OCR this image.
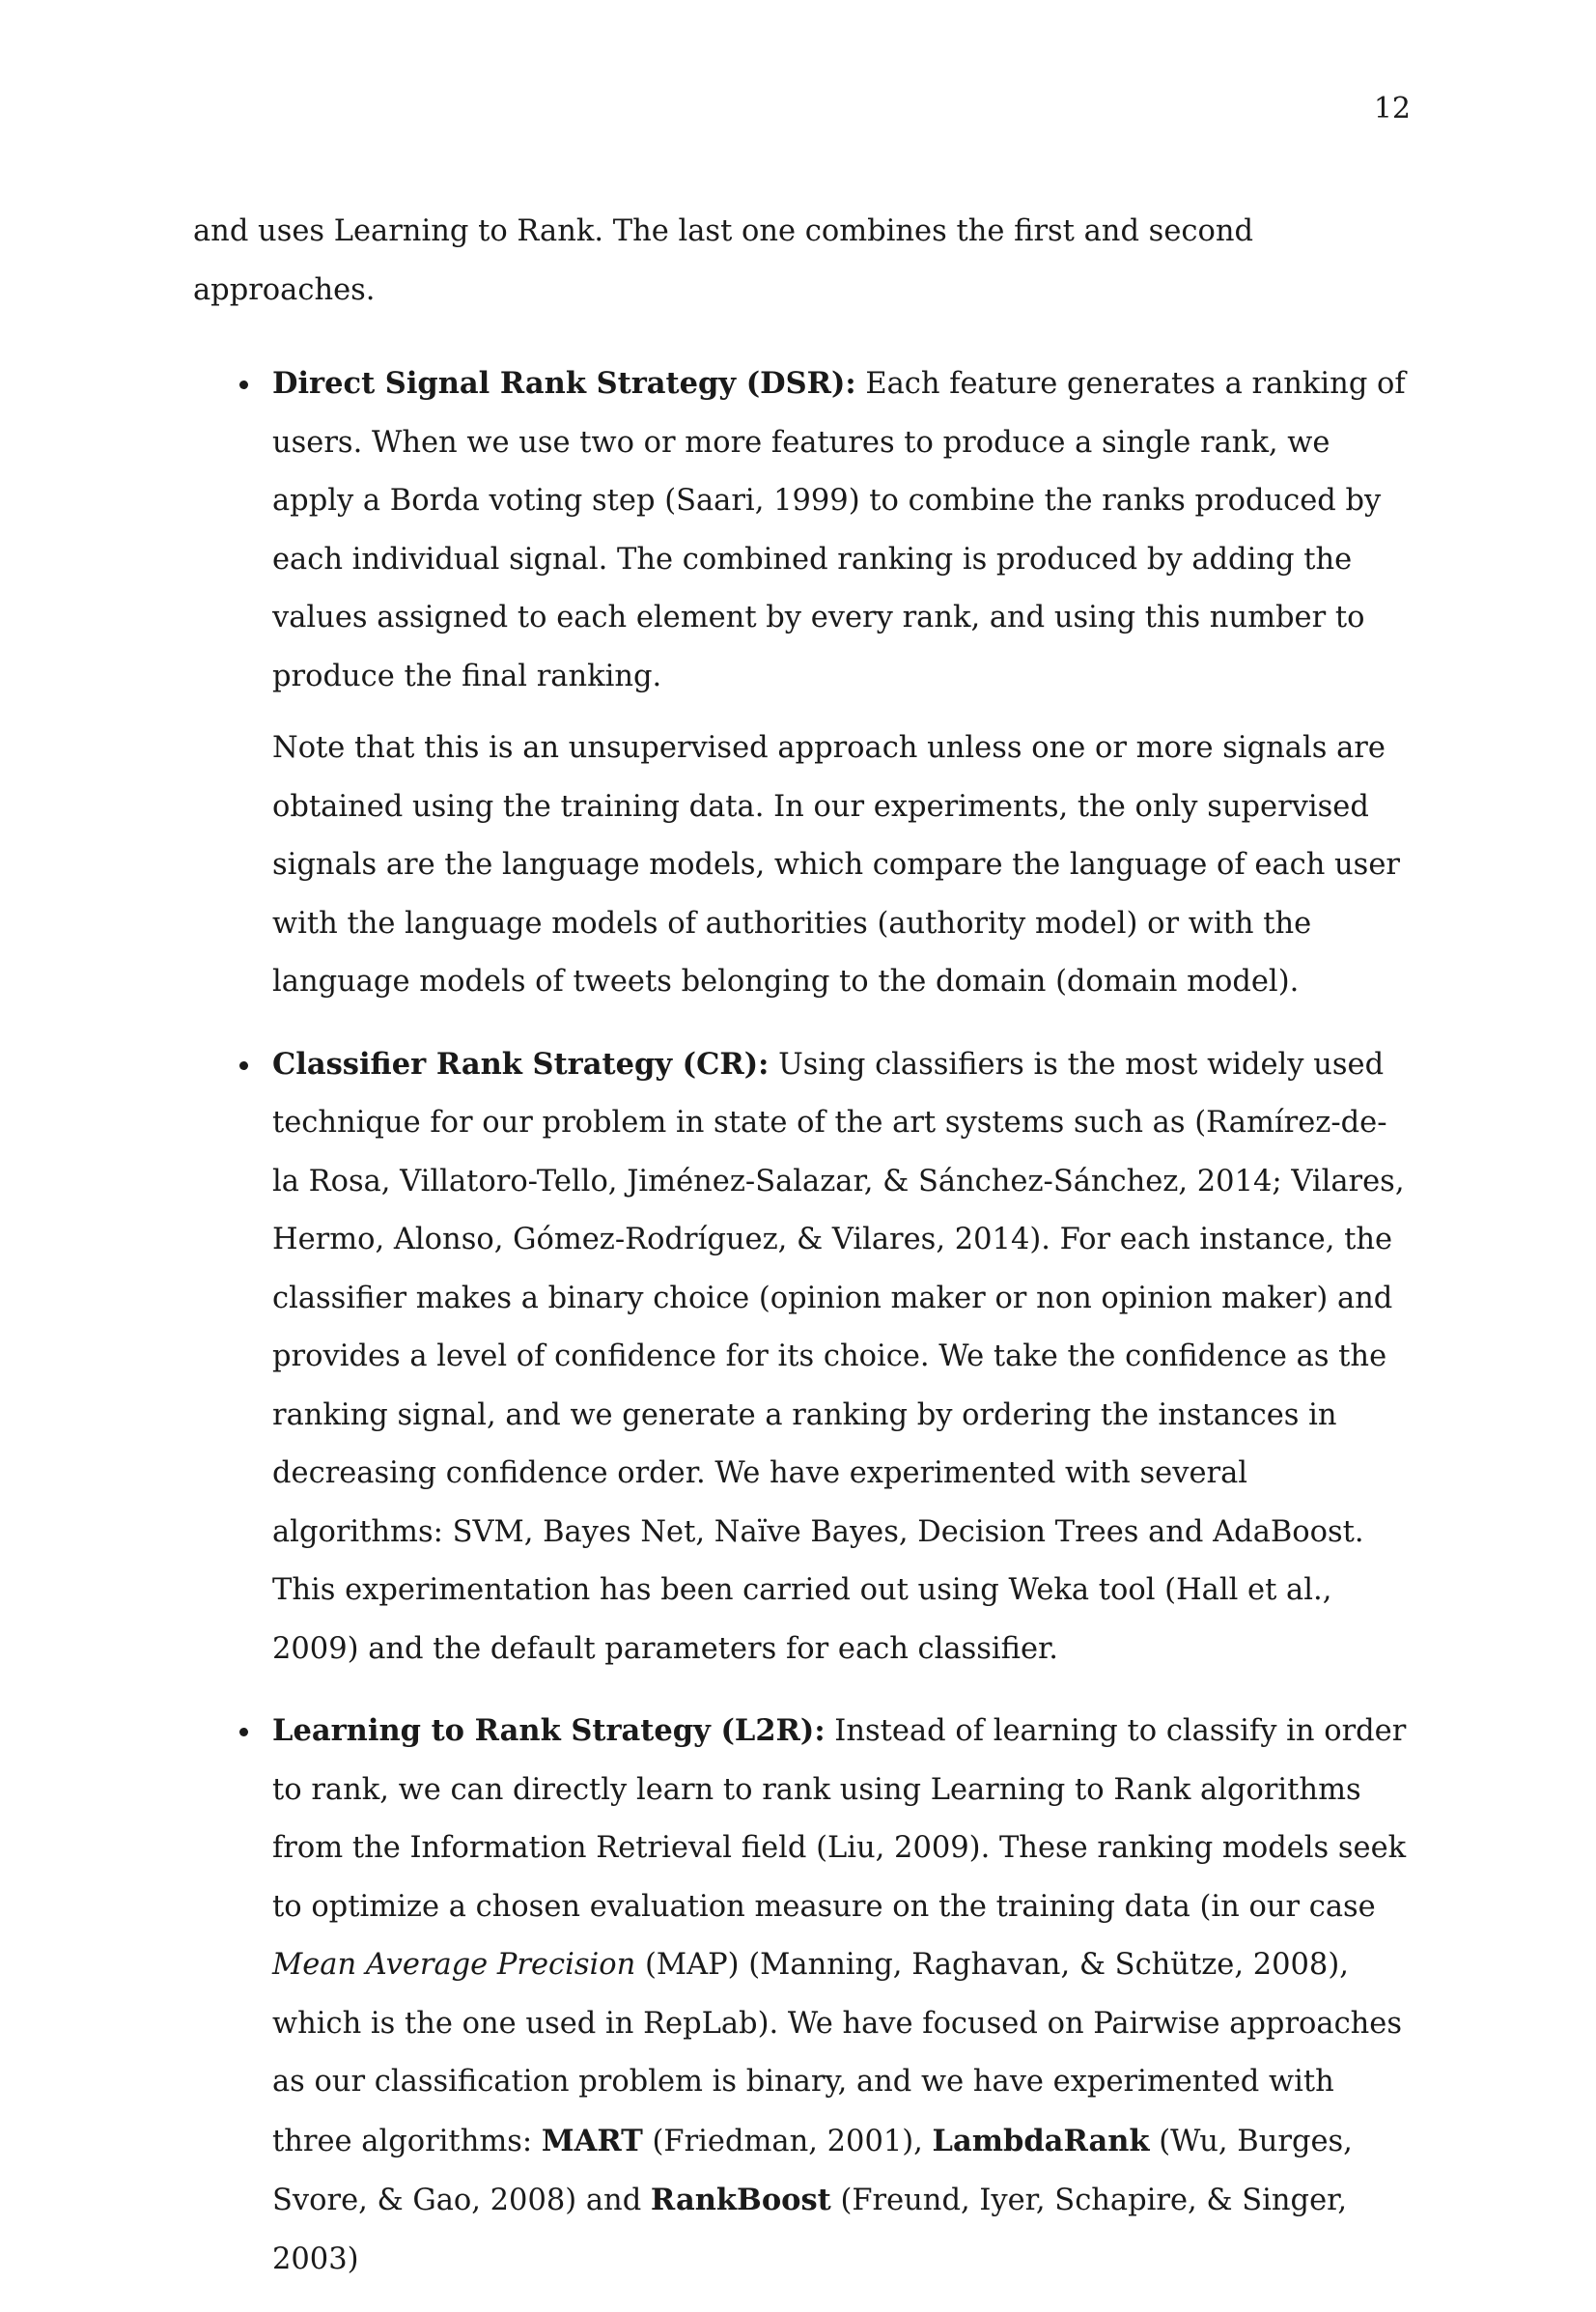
12

and uses Learning to Rank. The last one combines the first and second approaches.

Direct Signal Rank Strategy (DSR): Each feature generates a ranking of users. When we use two or more features to produce a single rank, we apply a Borda voting step (Saari, 1999) to combine the ranks produced by each individual signal. The combined ranking is produced by adding the values assigned to each element by every rank, and using this number to produce the final ranking.

Note that this is an unsupervised approach unless one or more signals are obtained using the training data. In our experiments, the only supervised signals are the language models, which compare the language of each user with the language models of authorities (authority model) or with the language models of tweets belonging to the domain (domain model).

Classifier Rank Strategy (CR): Using classifiers is the most widely used technique for our problem in state of the art systems such as (Ramírez-de-la Rosa, Villatoro-Tello, Jiménez-Salazar, & Sánchez-Sánchez, 2014; Vilares, Hermo, Alonso, Gómez-Rodríguez, & Vilares, 2014). For each instance, the classifier makes a binary choice (opinion maker or non opinion maker) and provides a level of confidence for its choice. We take the confidence as the ranking signal, and we generate a ranking by ordering the instances in decreasing confidence order. We have experimented with several algorithms: SVM, Bayes Net, Naïve Bayes, Decision Trees and AdaBoost. This experimentation has been carried out using Weka tool (Hall et al., 2009) and the default parameters for each classifier.

Learning to Rank Strategy (L2R): Instead of learning to classify in order to rank, we can directly learn to rank using Learning to Rank algorithms from the Information Retrieval field (Liu, 2009). These ranking models seek to optimize a chosen evaluation measure on the training data (in our case Mean Average Precision (MAP) (Manning, Raghavan, & Schütze, 2008), which is the one used in RepLab). We have focused on Pairwise approaches as our classification problem is binary, and we have experimented with three algorithms: MART (Friedman, 2001), LambdaRank (Wu, Burges, Svore, & Gao, 2008) and RankBoost (Freund, Iyer, Schapire, & Singer, 2003)
